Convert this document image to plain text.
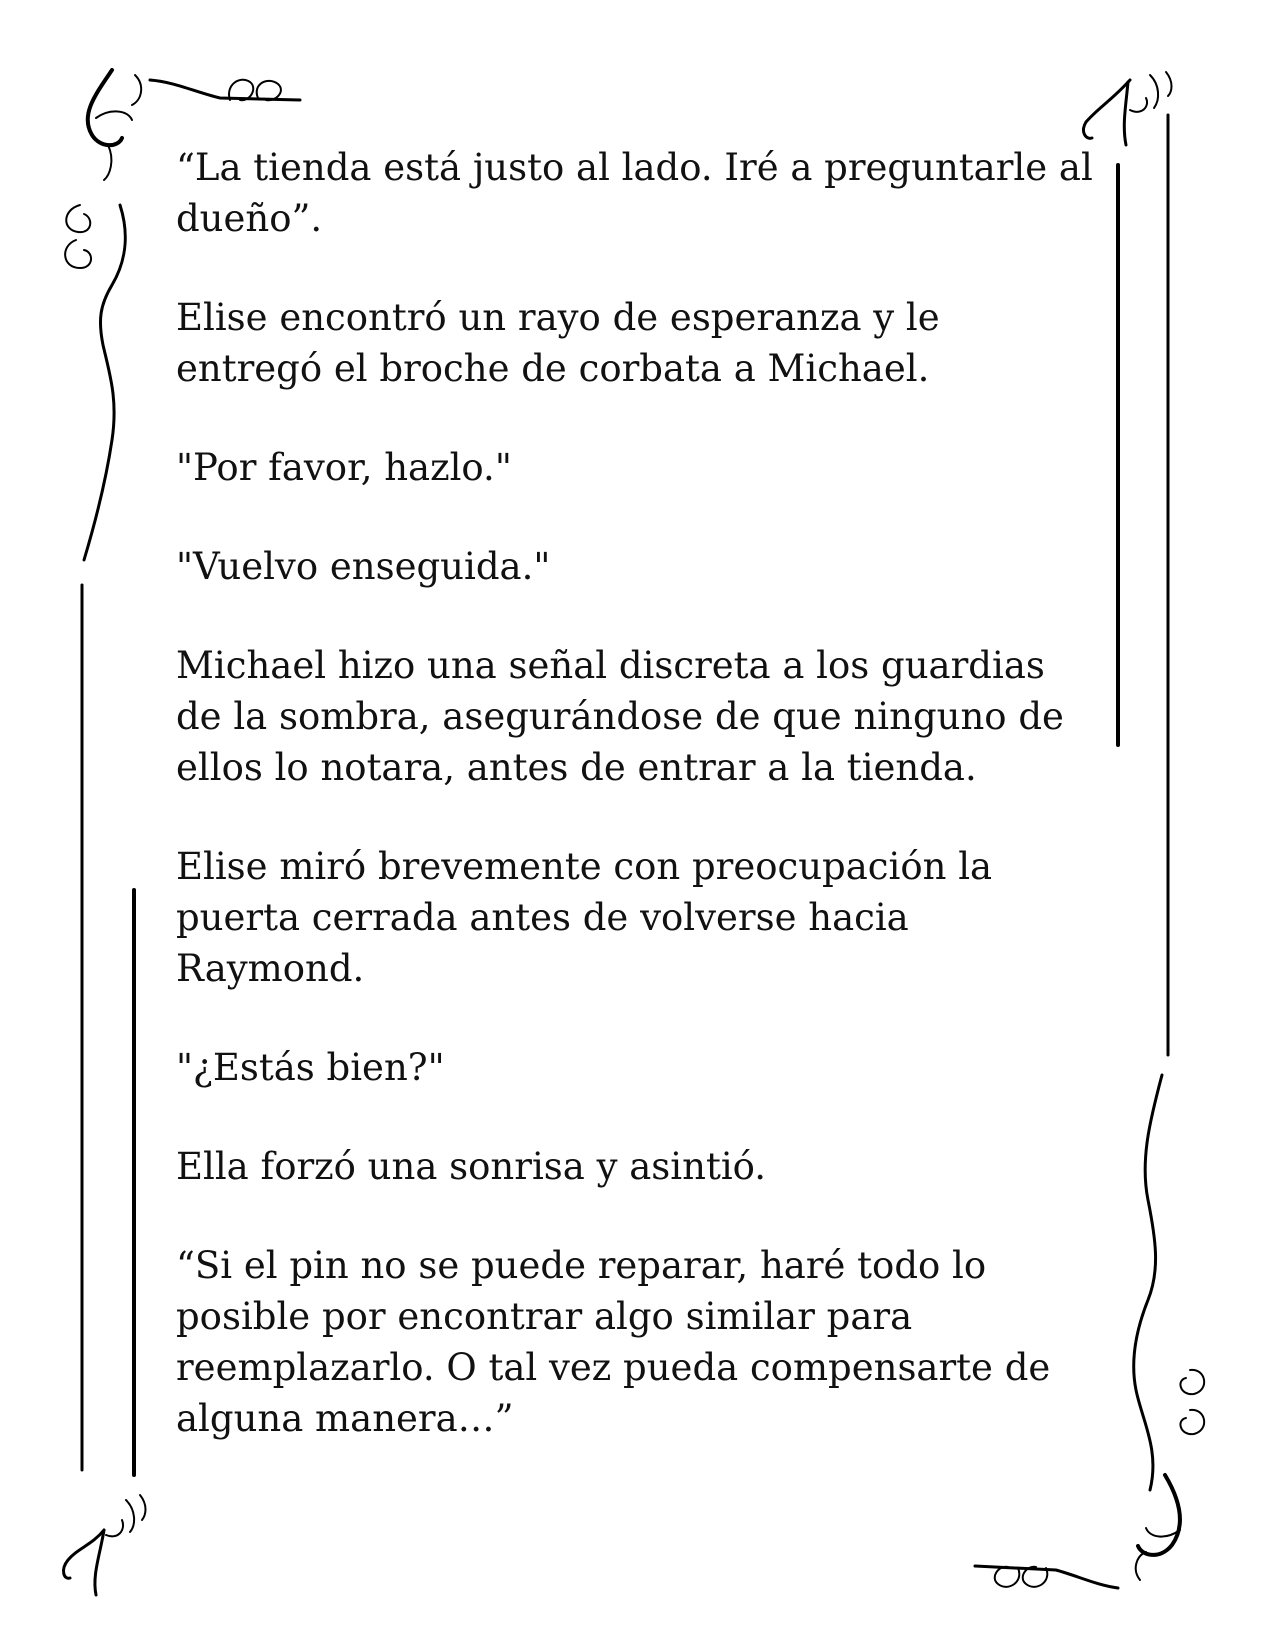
“La tienda está justo al lado. Iré a preguntarle al dueño”.

Elise encontró un rayo de esperanza y le entregó el broche de corbata a Michael.

"Por favor, hazlo."

"Vuelvo enseguida."

Michael hizo una señal discreta a los guardias de la sombra, asegurándose de que ninguno de ellos lo notara, antes de entrar a la tienda.

Elise miró brevemente con preocupación la puerta cerrada antes de volverse hacia Raymond.

"¿Estás bien?"

Ella forzó una sonrisa y asintió.

“Si el pin no se puede reparar, haré todo lo posible por encontrar algo similar para reemplazarlo. O tal vez pueda compensarte de alguna manera…”
